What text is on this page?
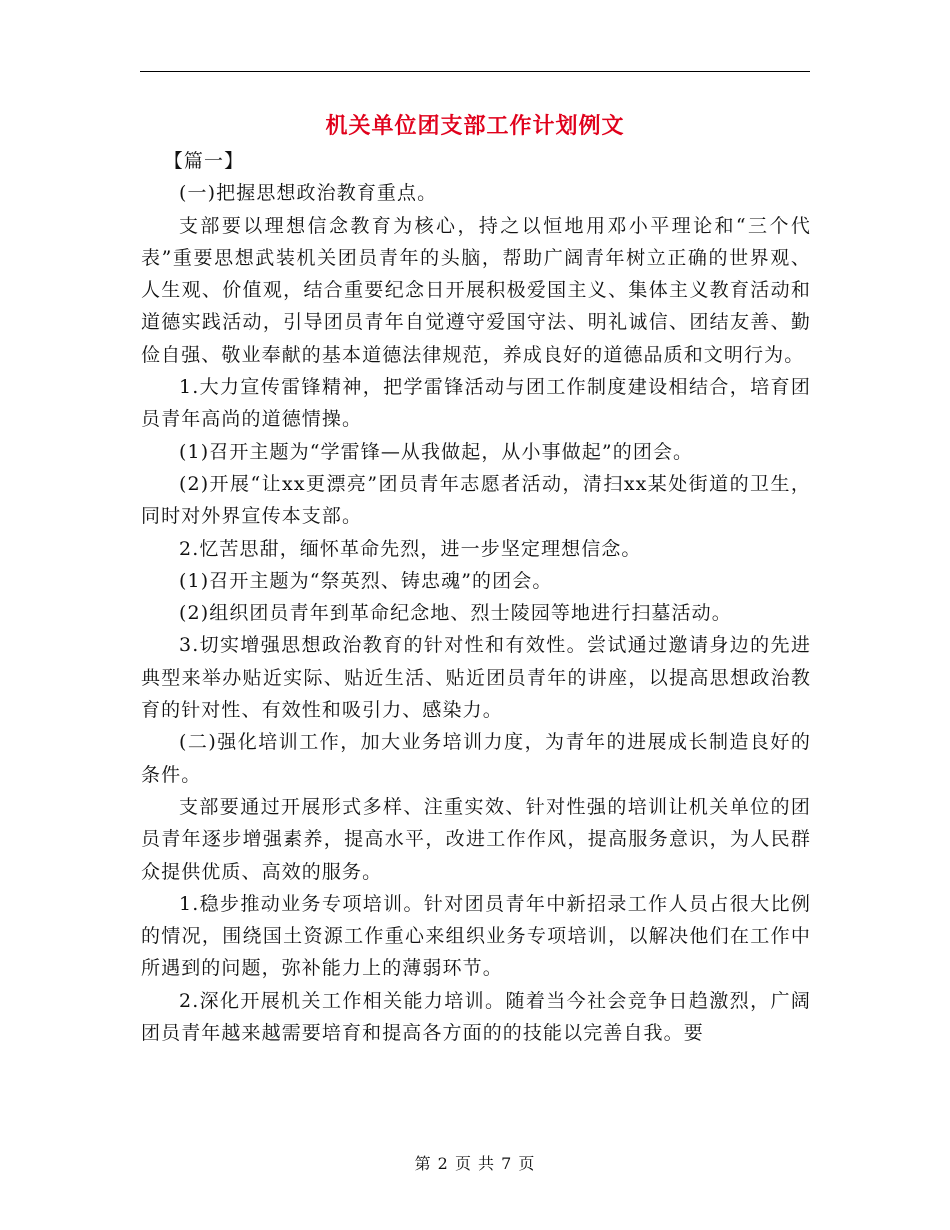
机关单位团支部工作计划例文

【篇一】

(一)把握思想政治教育重点。

支部要以理想信念教育为核心，持之以恒地用邓小平理论和“三个代表”重要思想武装机关团员青年的头脑，帮助广阔青年树立正确的世界观、人生观、价值观，结合重要纪念日开展积极爱国主义、集体主义教育活动和道德实践活动，引导团员青年自觉遵守爱国守法、明礼诚信、团结友善、勤俭自强、敬业奉献的基本道德法律规范，养成良好的道德品质和文明行为。

1.大力宣传雷锋精神，把学雷锋活动与团工作制度建设相结合，培育团员青年高尚的道德情操。

(1)召开主题为“学雷锋—从我做起，从小事做起”的团会。

(2)开展“让xx更漂亮”团员青年志愿者活动，清扫xx某处街道的卫生，同时对外界宣传本支部。

2.忆苦思甜，缅怀革命先烈，进一步坚定理想信念。

(1)召开主题为“祭英烈、铸忠魂”的团会。

(2)组织团员青年到革命纪念地、烈士陵园等地进行扫墓活动。

3.切实增强思想政治教育的针对性和有效性。尝试通过邀请身边的先进典型来举办贴近实际、贴近生活、贴近团员青年的讲座，以提高思想政治教育的针对性、有效性和吸引力、感染力。

(二)强化培训工作，加大业务培训力度，为青年的进展成长制造良好的条件。

支部要通过开展形式多样、注重实效、针对性强的培训让机关单位的团员青年逐步增强素养，提高水平，改进工作作风，提高服务意识，为人民群众提供优质、高效的服务。

1.稳步推动业务专项培训。针对团员青年中新招录工作人员占很大比例的情况，围绕国土资源工作重心来组织业务专项培训，以解决他们在工作中所遇到的问题，弥补能力上的薄弱环节。

2.深化开展机关工作相关能力培训。随着当今社会竞争日趋激烈，广阔团员青年越来越需要培育和提高各方面的的技能以完善自我。要

第 2 页 共 7 页
